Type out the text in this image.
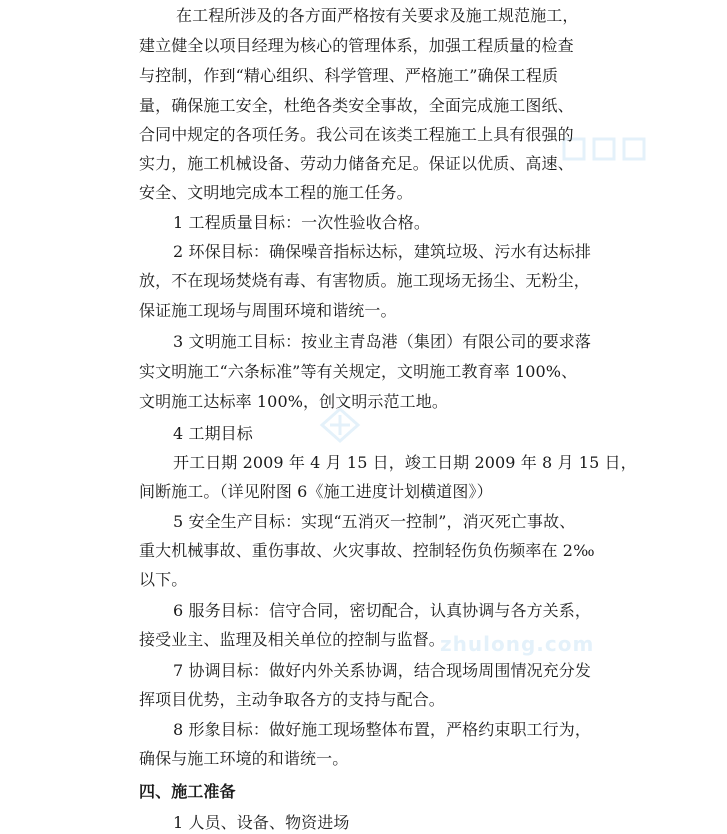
zhulong.com
在工程所涉及的各方面严格按有关要求及施工规范施工，
建立健全以项目经理为核心的管理体系，加强工程质量的检查
与控制，作到“精心组织、科学管理、严格施工”确保工程质
量，确保施工安全，杜绝各类安全事故，全面完成施工图纸、
合同中规定的各项任务。我公司在该类工程施工上具有很强的
实力，施工机械设备、劳动力储备充足。保证以优质、高速、
安全、文明地完成本工程的施工任务。
1 工程质量目标：一次性验收合格。
2 环保目标：确保噪音指标达标，建筑垃圾、污水有达标排
放，不在现场焚烧有毒、有害物质。施工现场无扬尘、无粉尘，
保证施工现场与周围环境和谐统一。
3 文明施工目标：按业主青岛港（集团）有限公司的要求落
实文明施工“六条标准”等有关规定，文明施工教育率 100%、
文明施工达标率 100%，创文明示范工地。
4 工期目标
开工日期 2009 年 4 月 15 日，竣工日期 2009 年 8 月 15 日，
间断施工。（详见附图 6《施工进度计划横道图》）
5 安全生产目标：实现“五消灭一控制”，消灭死亡事故、
重大机械事故、重伤事故、火灾事故、控制轻伤负伤频率在 2‰
以下。
6 服务目标：信守合同，密切配合，认真协调与各方关系，
接受业主、监理及相关单位的控制与监督。
7 协调目标：做好内外关系协调，结合现场周围情况充分发
挥项目优势，主动争取各方的支持与配合。
8 形象目标：做好施工现场整体布置，严格约束职工行为，
确保与施工环境的和谐统一。
四、施工准备
1 人员、设备、物资进场
